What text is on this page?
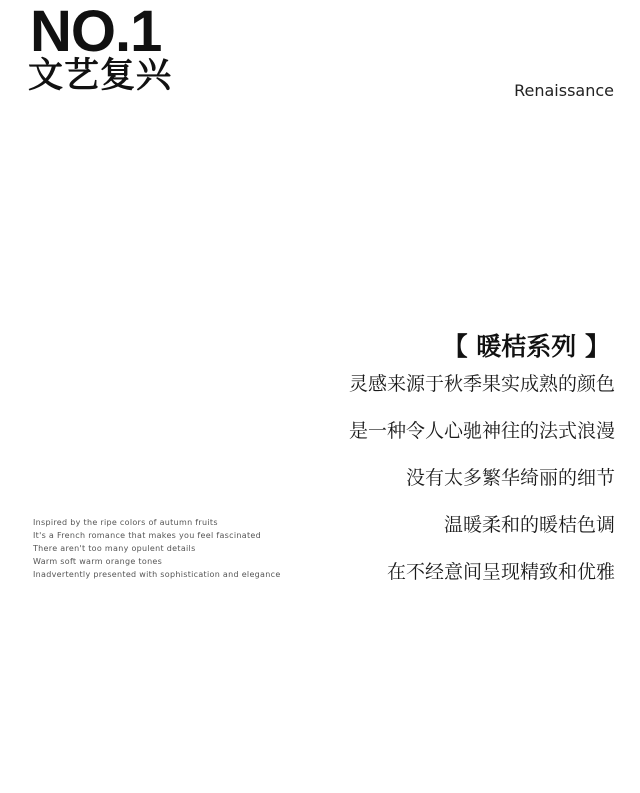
NO.1
文艺复兴	Renaissance
【 暖桔系列 】
灵感来源于秋季果实成熟的颜色
是一种令人心驰神往的法式浪漫
没有太多繁华绮丽的细节
温暖柔和的暖桔色调
在不经意间呈现精致和优雅
Inspired by the ripe colors of autumn fruits
It's a French romance that makes you feel fascinated
There aren't too many opulent details
Warm soft warm orange tones
Inadvertently presented with sophistication and elegance
